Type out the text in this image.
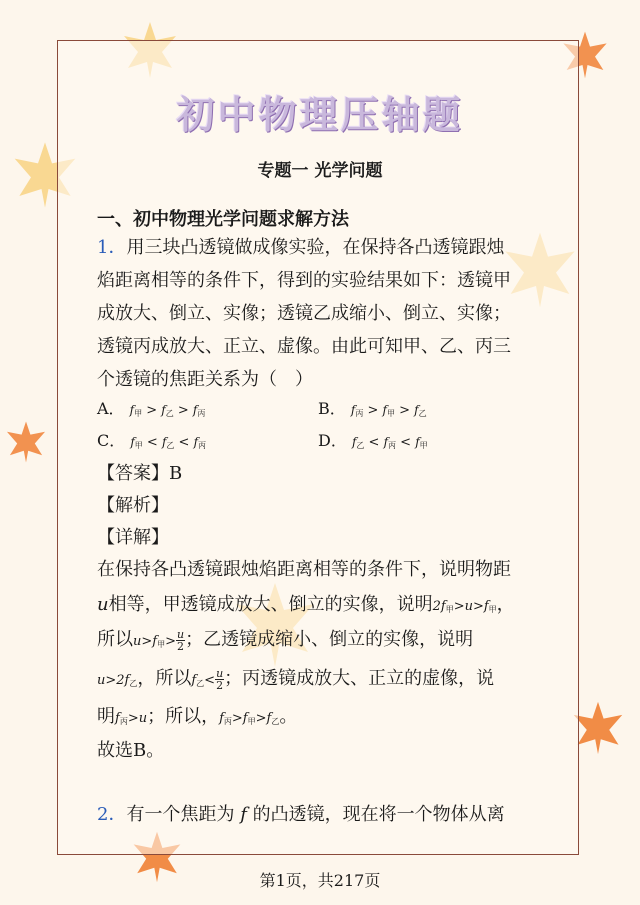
初中物理压轴题
专题一 光学问题
一、初中物理光学问题求解方法
1．用三块凸透镜做成像实验，在保持各凸透镜跟烛
焰距离相等的条件下，得到的实验结果如下：透镜甲
成放大、倒立、实像；透镜乙成缩小、倒立、实像；
透镜丙成放大、正立、虚像。由此可知甲、乙、丙三
个透镜的焦距关系为（　）
A． $f_甲 > f_乙 > f_丙$	B． $f_丙 > f_甲 > f_乙$
C． $f_甲 < f_乙 < f_丙$	D． $f_乙 < f_丙 < f_甲$
【答案】B
【解析】
【详解】
在保持各凸透镜跟烛焰距离相等的条件下，说明物距
u相等，甲透镜成放大、倒立的实像，说明$2f_甲>u>f_甲$，
所以$u>f_甲> \frac{u}{2}$ ；乙透镜成缩小、倒立的实像，说明
$u>2f_乙$，所以$f_乙< \frac{u}{2}$ ；丙透镜成放大、正立的虚像，说
明$f_丙>u$；所以，$f_丙>f_甲>f_乙$。
故选B。
2．有一个焦距为 f 的凸透镜，现在将一个物体从离
第1页，共217页
